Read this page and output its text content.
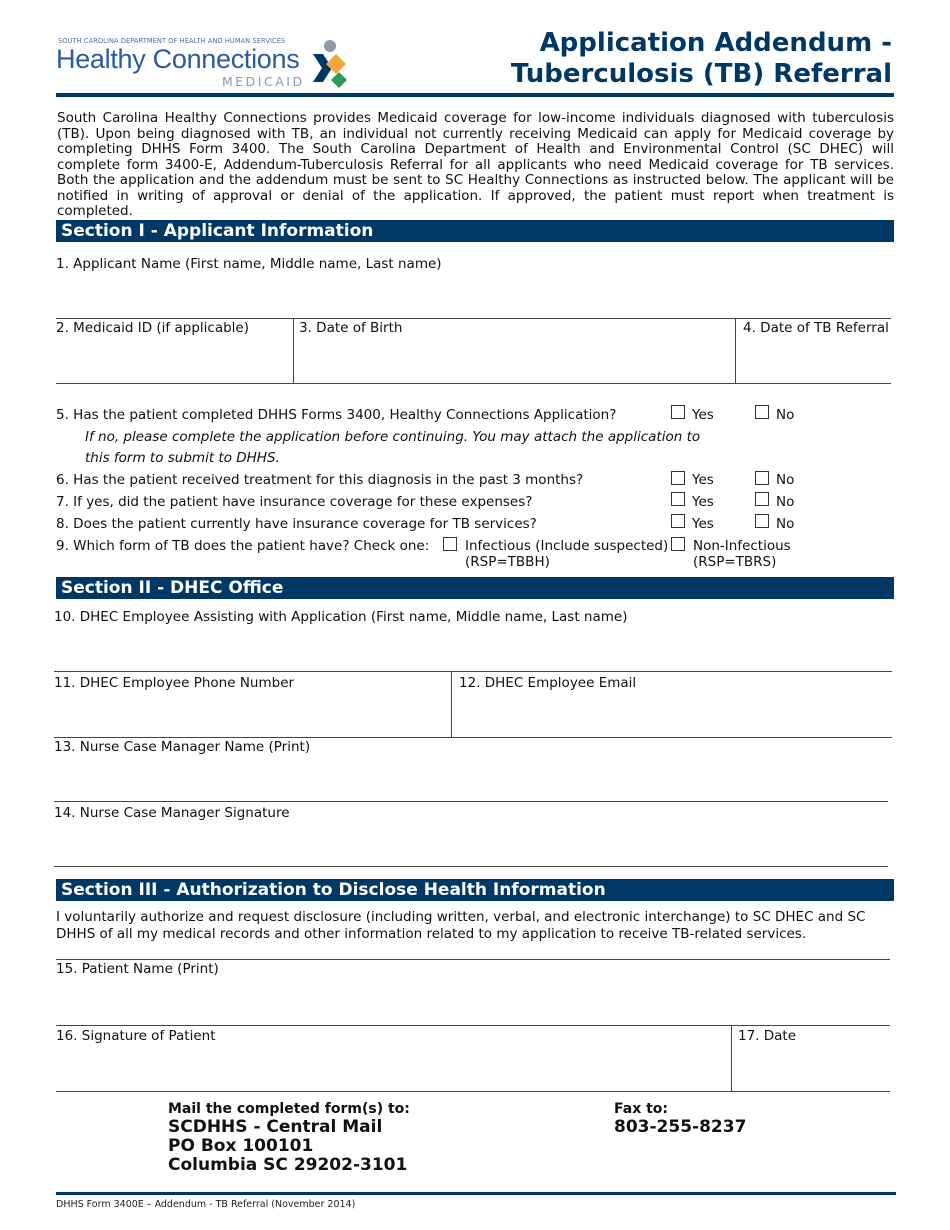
SOUTH CAROLINA DEPARTMENT OF HEALTH AND HUMAN SERVICES
Healthy Connections
MEDICAID
Application Addendum -
Tuberculosis (TB) Referral
South Carolina Healthy Connections provides Medicaid coverage for low-income individuals diagnosed with tuberculosis (TB). Upon being diagnosed with TB, an individual not currently receiving Medicaid can apply for Medicaid coverage by completing DHHS Form 3400. The South Carolina Department of Health and Environmental Control (SC DHEC) will complete form 3400-E, Addendum-Tuberculosis Referral for all applicants who need Medicaid coverage for TB services. Both the application and the addendum must be sent to SC Healthy Connections as instructed below. The applicant will be notified in writing of approval or denial of the application. If approved, the patient must report when treatment is completed.
Section I - Applicant Information
1. Applicant Name (First name, Middle name, Last name)
2. Medicaid ID (if applicable)	3. Date of Birth	4. Date of TB Referral
5. Has the patient completed DHHS Forms 3400, Healthy Connections Application?	Yes	No
If no, please complete the application before continuing. You may attach the application to
this form to submit to DHHS.
6. Has the patient received treatment for this diagnosis in the past 3 months?	Yes	No
7. If yes, did the patient have insurance coverage for these expenses?	Yes	No
8. Does the patient currently have insurance coverage for TB services?	Yes	No
9. Which form of TB does the patient have? Check one:	Infectious (Include suspected)
(RSP=TBBH)
Non-Infectious
(RSP=TBRS)
Section II - DHEC Office
10. DHEC Employee Assisting with Application (First name, Middle name, Last name)
11. DHEC Employee Phone Number	12. DHEC Employee Email
13. Nurse Case Manager Name (Print)
14. Nurse Case Manager Signature
Section III - Authorization to Disclose Health Information
I voluntarily authorize and request disclosure (including written, verbal, and electronic interchange) to SC DHEC and SC DHHS of all my medical records and other information related to my application to receive TB-related services.
15. Patient Name (Print)
16. Signature of Patient	17. Date
Mail the completed form(s) to:
SCDHHS - Central Mail
PO Box 100101
Columbia SC 29202-3101
Fax to:
803-255-8237
DHHS Form 3400E – Addendum - TB Referral (November 2014)
